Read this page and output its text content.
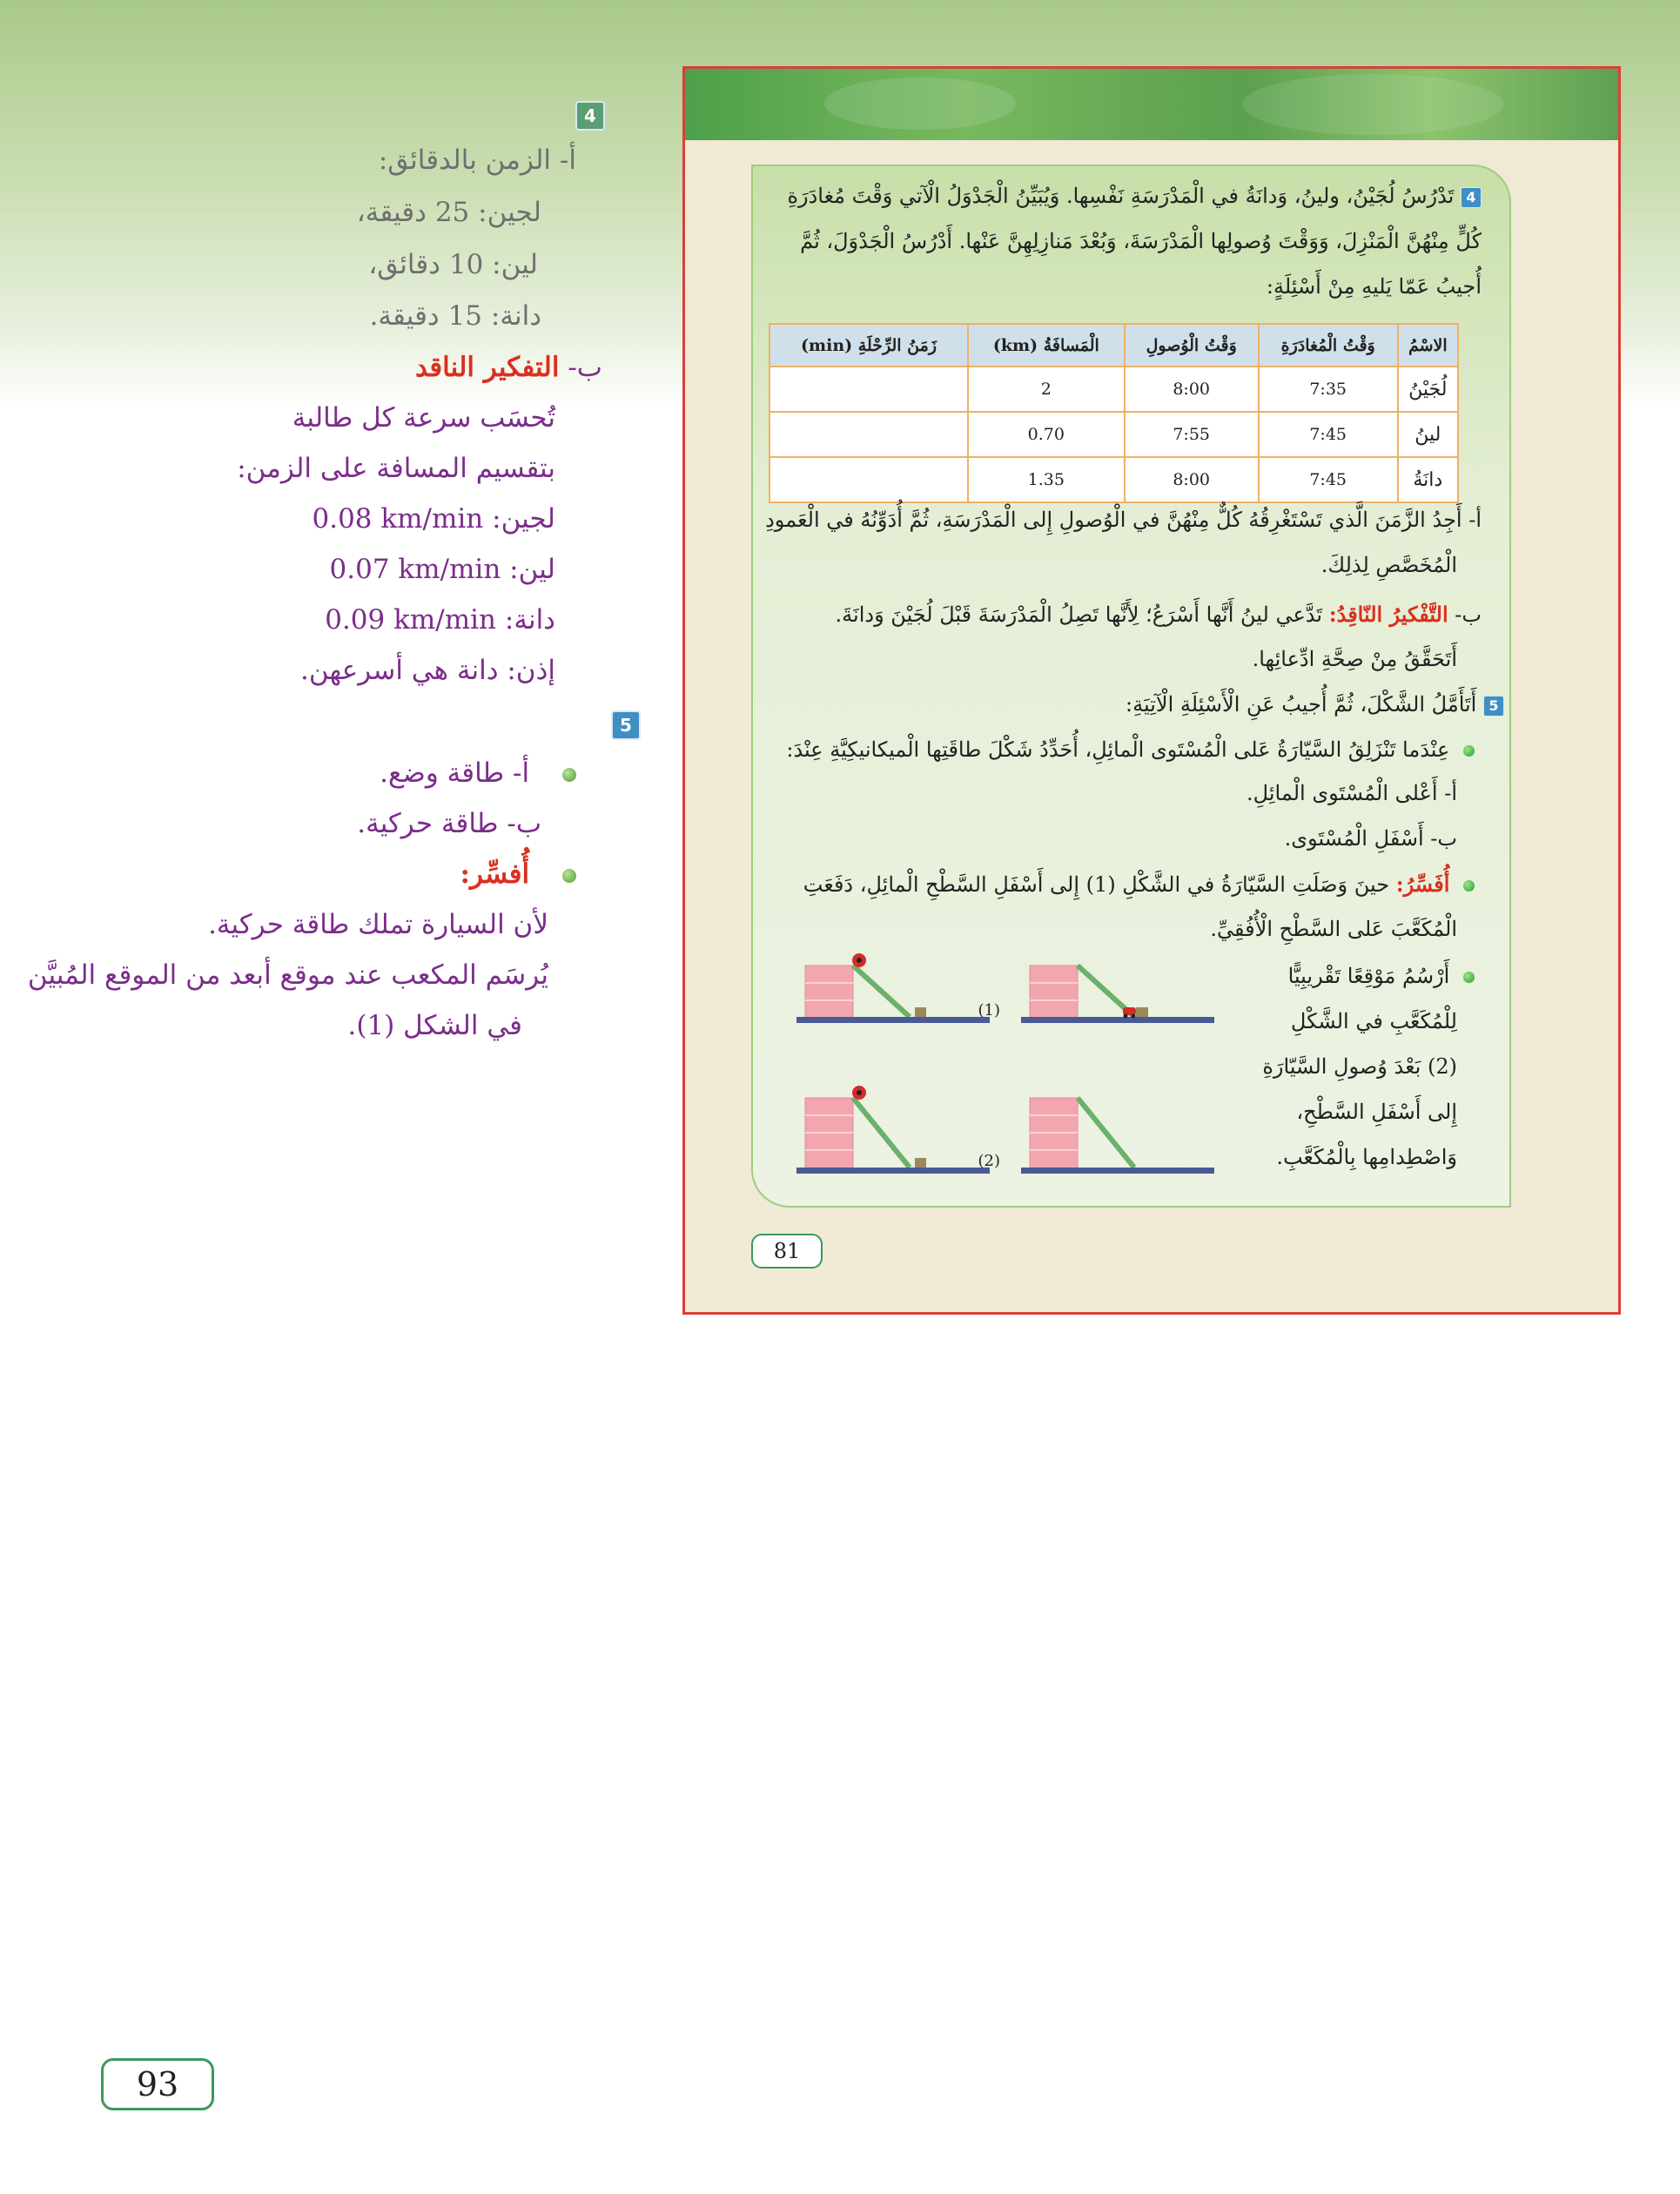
4
أ- الزمن بالدقائق:
لجين: 25 دقيقة،
لين: 10 دقائق،
دانة: 15 دقيقة.
ب- التفكير الناقد
تُحسَب سرعة كل طالبة
بتقسيم المسافة على الزمن:
لجين: 0.08 km/min
لين: 0.07 km/min
دانة: 0.09 km/min
إذن: دانة هي أسرعهن.
5
أ- طاقة وضع.
ب- طاقة حركية.
أُفسِّر:
لأن السيارة تملك طاقة حركية.
يُرسَم المكعب عند موقع أبعد من الموقع المُبيَّن
في الشكل (1).
4 تَدْرُسُ لُجَيْنُ، ولينُ، وَدانَةُ في الْمَدْرَسَةِ نَفْسِها. وَيُبَيِّنُ الْجَدْوَلُ الْآتي وَقْتَ مُغادَرَةِ
كُلٍّ مِنْهُنَّ الْمَنْزِلَ، وَوَقْتَ وُصولِها الْمَدْرَسَةَ، وَبُعْدَ مَنازِلِهِنَّ عَنْها. أَدْرُسُ الْجَدْوَلَ، ثُمَّ
أُجيبُ عَمّا يَليهِ مِنْ أَسْئِلَةٍ:
الاسْمُ	وَقْتُ الْمُغادَرَةِ	وَقْتُ الْوُصولِ	الْمَسافَةُ (km)	زَمَنُ الرِّحْلَةِ (min)
لُجَيْنُ	7:35	8:00	2	
لينُ	7:45	7:55	0.70	
دانَةُ	7:45	8:00	1.35	
أ- أَجِدُ الزَّمَنَ الَّذي تَسْتَغْرِقُهُ كُلٌّ مِنْهُنَّ في الْوُصولِ إِلى الْمَدْرَسَةِ، ثُمَّ أُدَوِّنُهُ في الْعَمودِ
الْمُخَصَّصِ لِذلِكَ.
ب- التَّفْكيرُ النّاقِدُ: تَدَّعي لينُ أَنَّها أَسْرَعُ؛ لِأَنَّها تَصِلُ الْمَدْرَسَةَ قَبْلَ لُجَيْنَ وَدانَةَ.
أَتَحَقَّقُ مِنْ صِحَّةِ ادِّعائِها.
5 أَتَأَمَّلُ الشَّكْلَ، ثُمَّ أُجيبُ عَنِ الْأَسْئِلَةِ الْآتِيَةِ:
عِنْدَما تَنْزَلِقُ السَّيّارَةُ عَلى الْمُسْتَوى الْمائِلِ، أُحَدِّدُ شَكْلَ طاقَتِها الْميكانيكِيَّةِ عِنْدَ:
أ- أَعْلى الْمُسْتَوى الْمائِلِ.
ب- أَسْفَلِ الْمُسْتَوى.
أُفَسِّرُ: حينَ وَصَلَتِ السَّيّارَةُ في الشَّكْلِ (1) إِلى أَسْفَلِ السَّطْحِ الْمائِلِ، دَفَعَتِ
الْمُكَعَّبَ عَلى السَّطْحِ الْأُفُقِيِّ.
أَرْسُمُ مَوْقِعًا تَقْريبِيًّا
لِلْمُكَعَّبِ في الشَّكْلِ
(2) بَعْدَ وُصولِ السَّيّارَةِ
إِلى أَسْفَلِ السَّطْحِ،
وَاصْطِدامِها بِالْمُكَعَّبِ.
(1)
(2)
81
93
